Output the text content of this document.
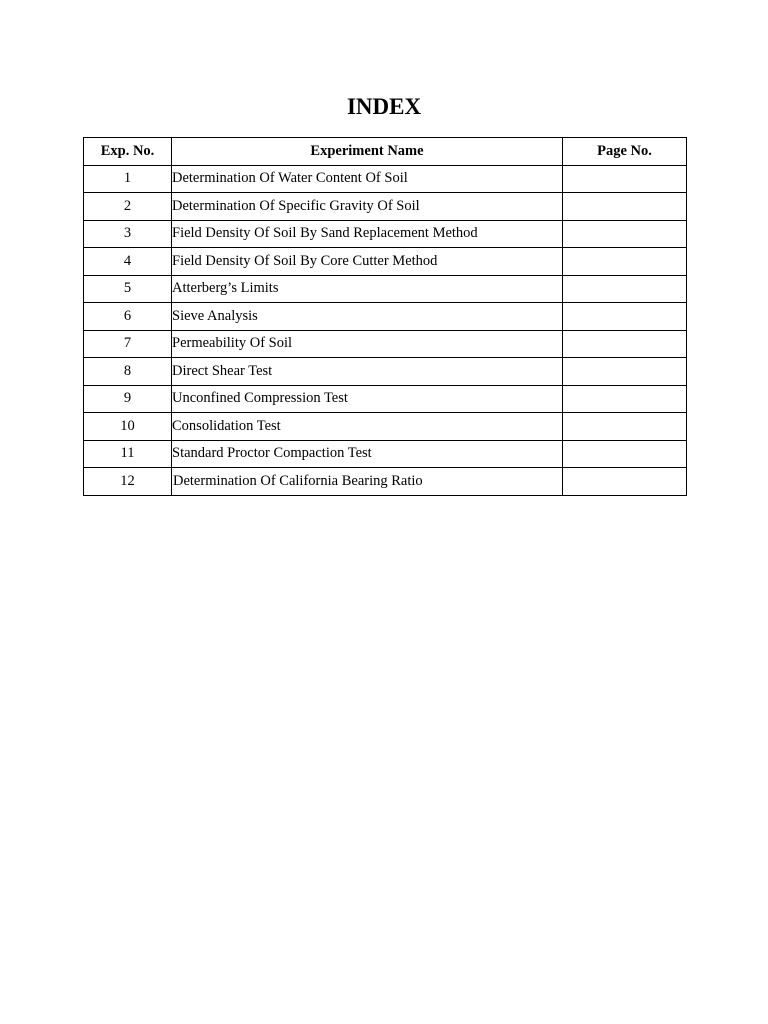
INDEX
Exp. No.	Experiment Name	Page No.
1	Determination Of Water Content Of Soil	
2	Determination Of Specific Gravity Of Soil	
3	Field Density Of Soil By Sand Replacement Method	
4	Field Density Of Soil By Core Cutter Method	
5	Atterberg’s Limits	
6	Sieve Analysis	
7	Permeability Of Soil	
8	Direct Shear Test	
9	Unconfined Compression Test	
10	Consolidation Test	
11	Standard Proctor Compaction Test	
12	Determination Of California Bearing Ratio	
